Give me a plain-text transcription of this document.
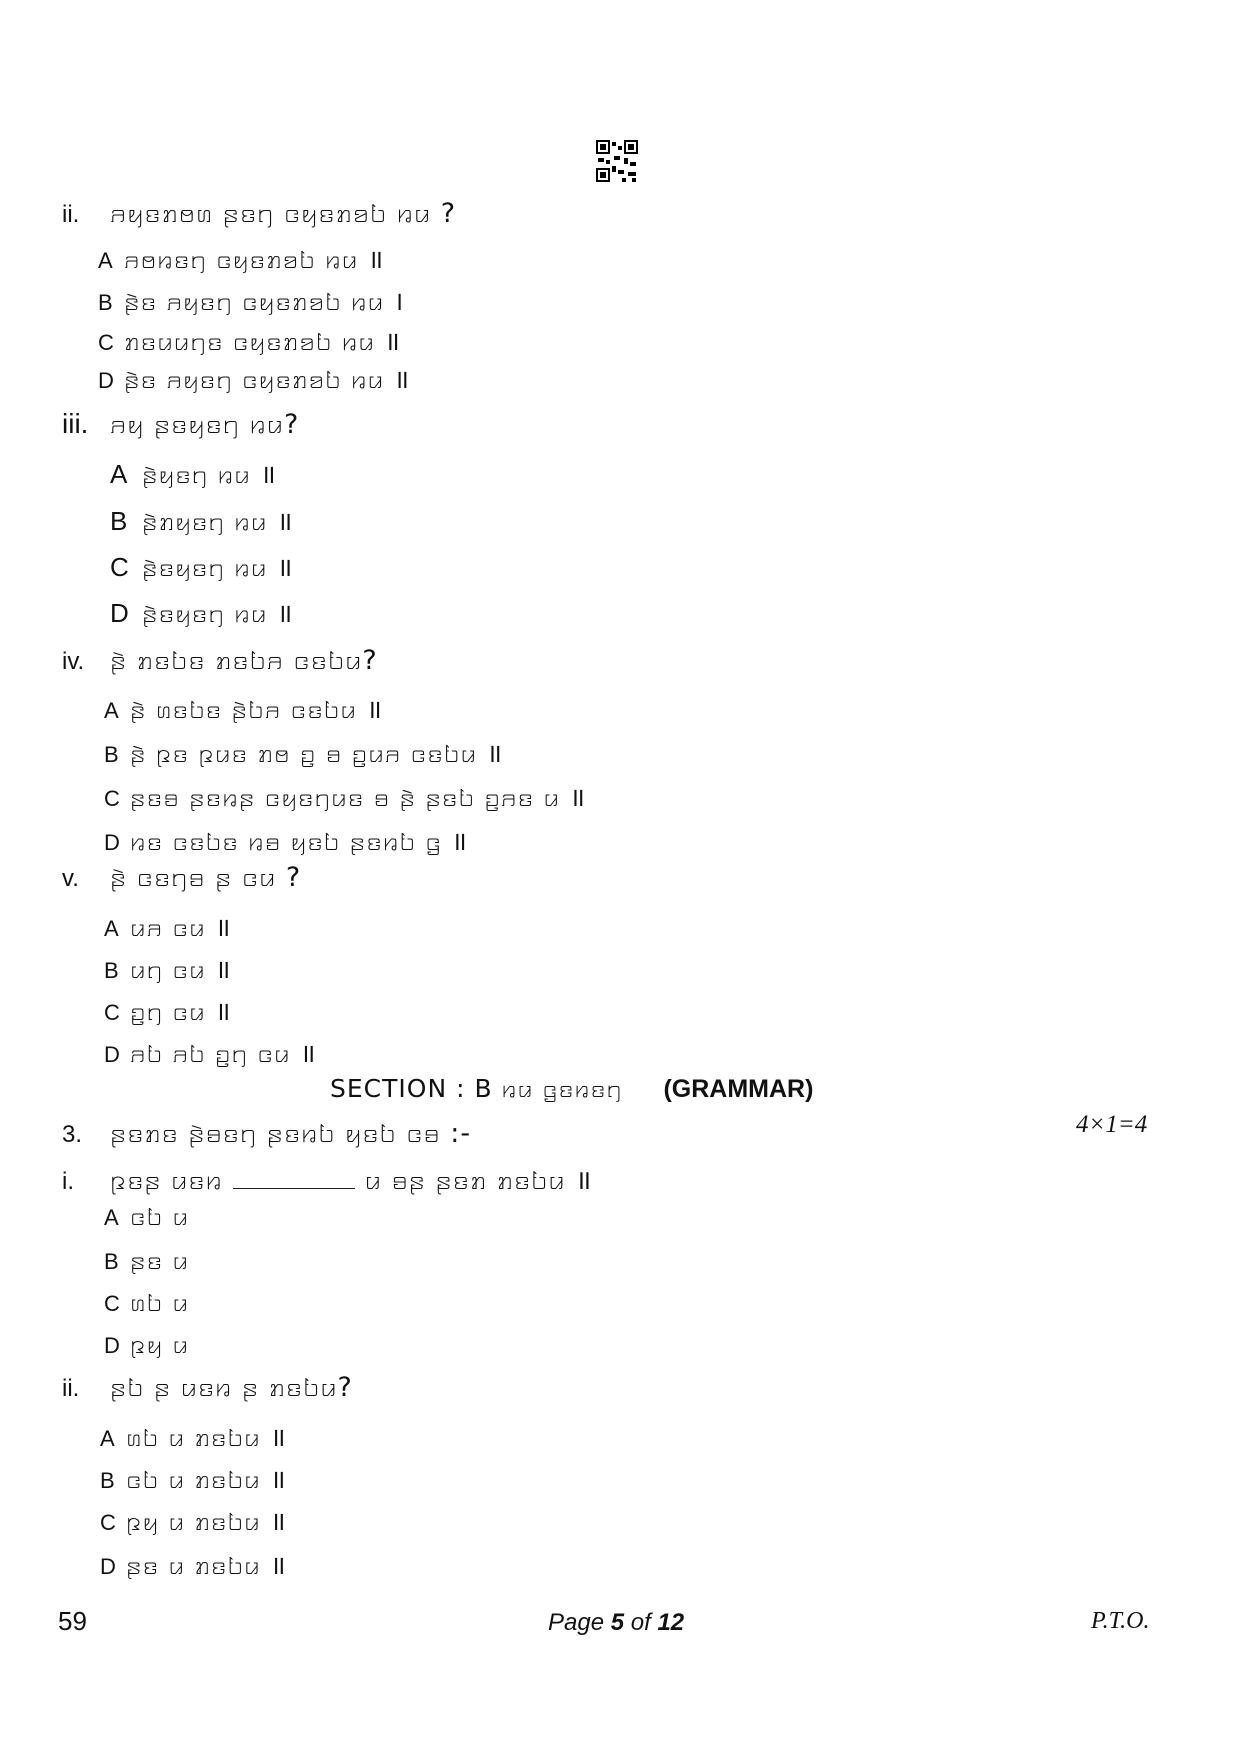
ii.	ꤏꤟꤢꤊꤥꤛ ꤔꤢꤚ ꤍꤟꤢꤊꤤꤝ ꤙꤣ ?
A ꤏꤥꤙꤢꤚ ꤍꤟꤢꤊꤤꤝ ꤙꤣ ॥
B ꤔꤧꤢ ꤏꤟꤢꤚ ꤍꤟꤢꤊꤤꤝ ꤙꤣ ।
C ꤊꤢꤣꤣꤚꤢ ꤍꤟꤢꤊꤤꤝ ꤙꤣ ॥
D ꤔꤧꤢ ꤏꤟꤢꤚ ꤍꤟꤢꤊꤤꤝ ꤙꤣ ॥
iii. ꤏꤟ ꤔꤢꤟꤢꤚ ꤙꤣ?
A ꤔꤧꤟꤢꤚ ꤙꤣ ॥
B ꤔꤧꤊꤟꤢꤚ ꤙꤣ ॥
C ꤔꤧꤢꤟꤢꤚ ꤙꤣ ॥
D ꤔꤧꤢꤟꤢꤚ ꤙꤣ ॥
iv. ꤔꤧ ꤊꤢꤝꤢ ꤊꤢꤝꤏ ꤍꤢꤝꤣ?
A ꤔꤧ ꤛꤢꤝꤢ ꤔꤧꤝꤏ ꤍꤢꤝꤣ ॥
B ꤔꤧ ꤐꤢ ꤐꤣꤢ ꤊꤥ ꤑ ꤋ ꤑꤣꤏ ꤍꤢꤝꤣ ॥
C ꤔꤢꤋ ꤔꤢꤙꤔ ꤍꤟꤢꤚꤣꤢ ꤋ ꤔꤧ ꤔꤢꤝ ꤑꤏꤢ ꤣ ॥
D ꤙꤢ ꤍꤢꤝꤢ ꤙꤋ ꤟꤢꤝ ꤔꤢꤙꤝ ꤞ ॥
v.	ꤔꤧ ꤍꤢꤚꤋ ꤔ ꤍꤣ ?
A ꤣꤏ ꤍꤣ ॥
B ꤣꤚ ꤍꤣ ॥
C ꤑꤚ ꤍꤣ ॥
D ꤏꤝ ꤏꤝ ꤑꤚ ꤍꤣ ॥
SECTION : B ꤙꤣ ꤞꤢꤙꤢꤚ (GRAMMAR)
3.	ꤔꤢꤊꤢ ꤔꤧꤋꤢꤚ ꤔꤢꤙꤝ ꤟꤢꤝ ꤍꤋ :-	4×1=4
i.	ꤐꤢꤔ ꤣꤢꤙ	ꤣ ꤋꤔ ꤔꤢꤊ ꤊꤢꤝꤣ ॥
A ꤍꤝ ꤣ
B ꤔꤢ ꤣ
C ꤛꤝ ꤣ
D ꤐꤟ ꤣ
ii.	ꤔꤝ ꤔ ꤣꤢꤙ ꤔ ꤊꤢꤝꤣ?
A ꤛꤝ ꤣ ꤊꤢꤝꤣ ॥
B ꤍꤝ ꤣ ꤊꤢꤝꤣ ॥
C ꤐꤟ ꤣ ꤊꤢꤝꤣ ॥
D ꤔꤢ ꤣ ꤊꤢꤝꤣ ॥
59	Page 5 of 12	P.T.O.
